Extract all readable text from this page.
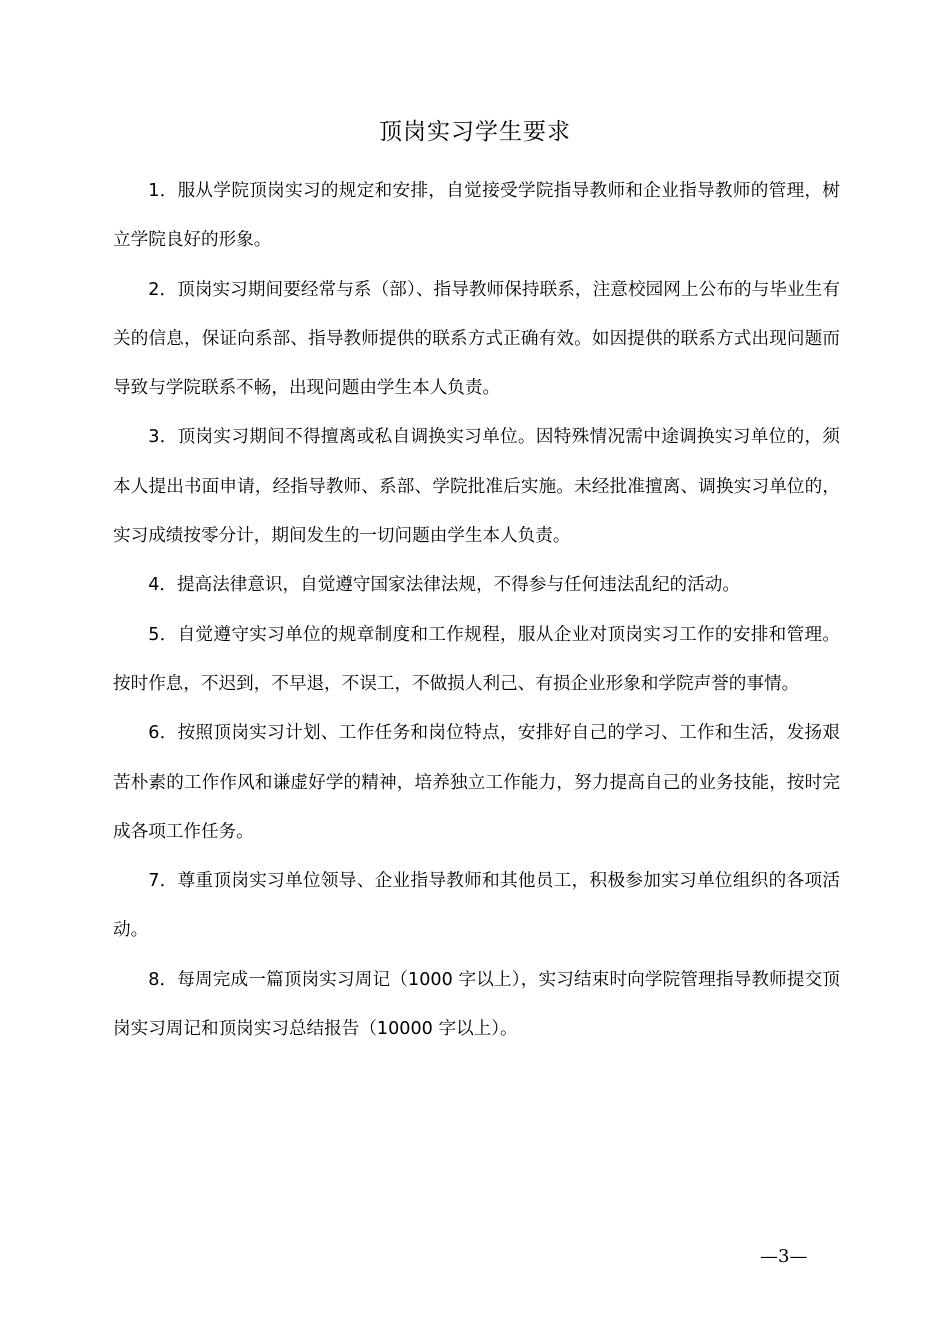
顶岗实习学生要求

1．服从学院顶岗实习的规定和安排，自觉接受学院指导教师和企业指导教师的管理，树立学院良好的形象。

2．顶岗实习期间要经常与系（部）、指导教师保持联系，注意校园网上公布的与毕业生有关的信息，保证向系部、指导教师提供的联系方式正确有效。如因提供的联系方式出现问题而导致与学院联系不畅，出现问题由学生本人负责。

3．顶岗实习期间不得擅离或私自调换实习单位。因特殊情况需中途调换实习单位的，须本人提出书面申请，经指导教师、系部、学院批准后实施。未经批准擅离、调换实习单位的，实习成绩按零分计，期间发生的一切问题由学生本人负责。

4．提高法律意识，自觉遵守国家法律法规，不得参与任何违法乱纪的活动。

5．自觉遵守实习单位的规章制度和工作规程，服从企业对顶岗实习工作的安排和管理。按时作息，不迟到，不早退，不误工，不做损人利己、有损企业形象和学院声誉的事情。

6．按照顶岗实习计划、工作任务和岗位特点，安排好自己的学习、工作和生活，发扬艰苦朴素的工作作风和谦虚好学的精神，培养独立工作能力，努力提高自己的业务技能，按时完成各项工作任务。

7．尊重顶岗实习单位领导、企业指导教师和其他员工，积极参加实习单位组织的各项活动。

8．每周完成一篇顶岗实习周记（1000 字以上），实习结束时向学院管理指导教师提交顶岗实习周记和顶岗实习总结报告（10000 字以上）。

—3—
